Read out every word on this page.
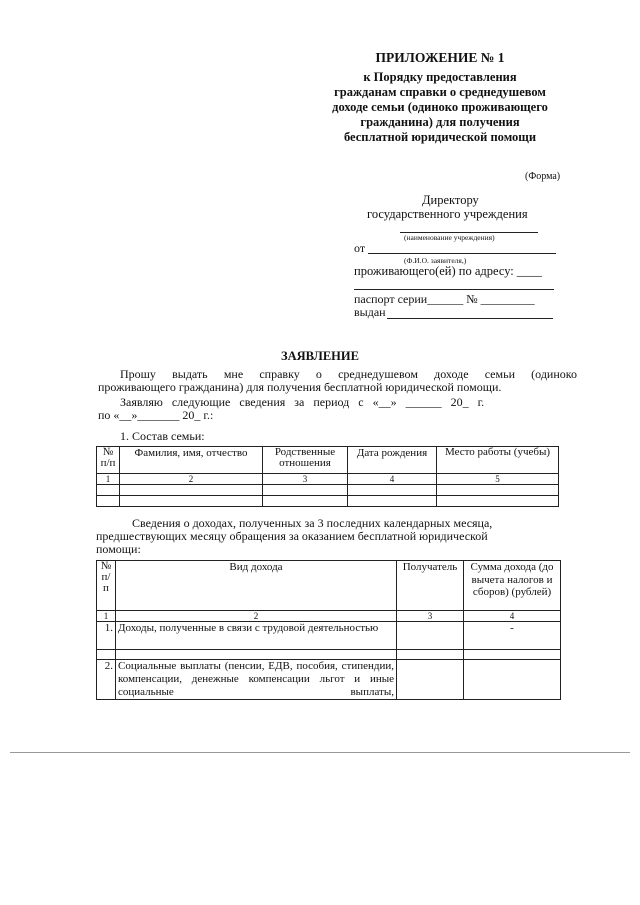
ПРИЛОЖЕНИЕ № 1
к Порядку предоставления
гражданам справки о среднедушевом
доходе семьи (одиноко проживающего
гражданина) для получения
бесплатной юридической помощи
(Форма)
Директору
государственного учреждения
(наименование учреждения)
от
(Ф.И.О. заявителя,)
проживающего(ей) по адресу: ____
паспорт серии______ № _________
выдан
ЗАЯВЛЕНИЕ
Прошу выдать мне справку о среднедушевом доходе семьи (одиноко
проживающего гражданина) для получения бесплатной юридической помощи.
Заявляю   следующие   сведения   за   период   с   «__»   ______   20_   г.
по «__»_______ 20_ г.:
1. Состав семьи:
№ п/п	Фамилия, имя, отчество	Родственные отношения	Дата рождения	Место работы (учебы)
1	2	3	4	5

Сведения о доходах, полученных за 3 последних календарных месяца,
предшествующих месяцу обращения за оказанием бесплатной юридической
помощи:
№ п/п	Вид дохода	Получатель	Сумма дохода (до вычета налогов и сборов) (рублей)
1	2	3	4
1.	Доходы, полученные в связи с трудовой деятельностью		-

2.	Социальные выплаты (пенсии, ЕДВ, пособия, стипендии, компенсации, денежные компенсации льгот и иные социальные выплаты,		
